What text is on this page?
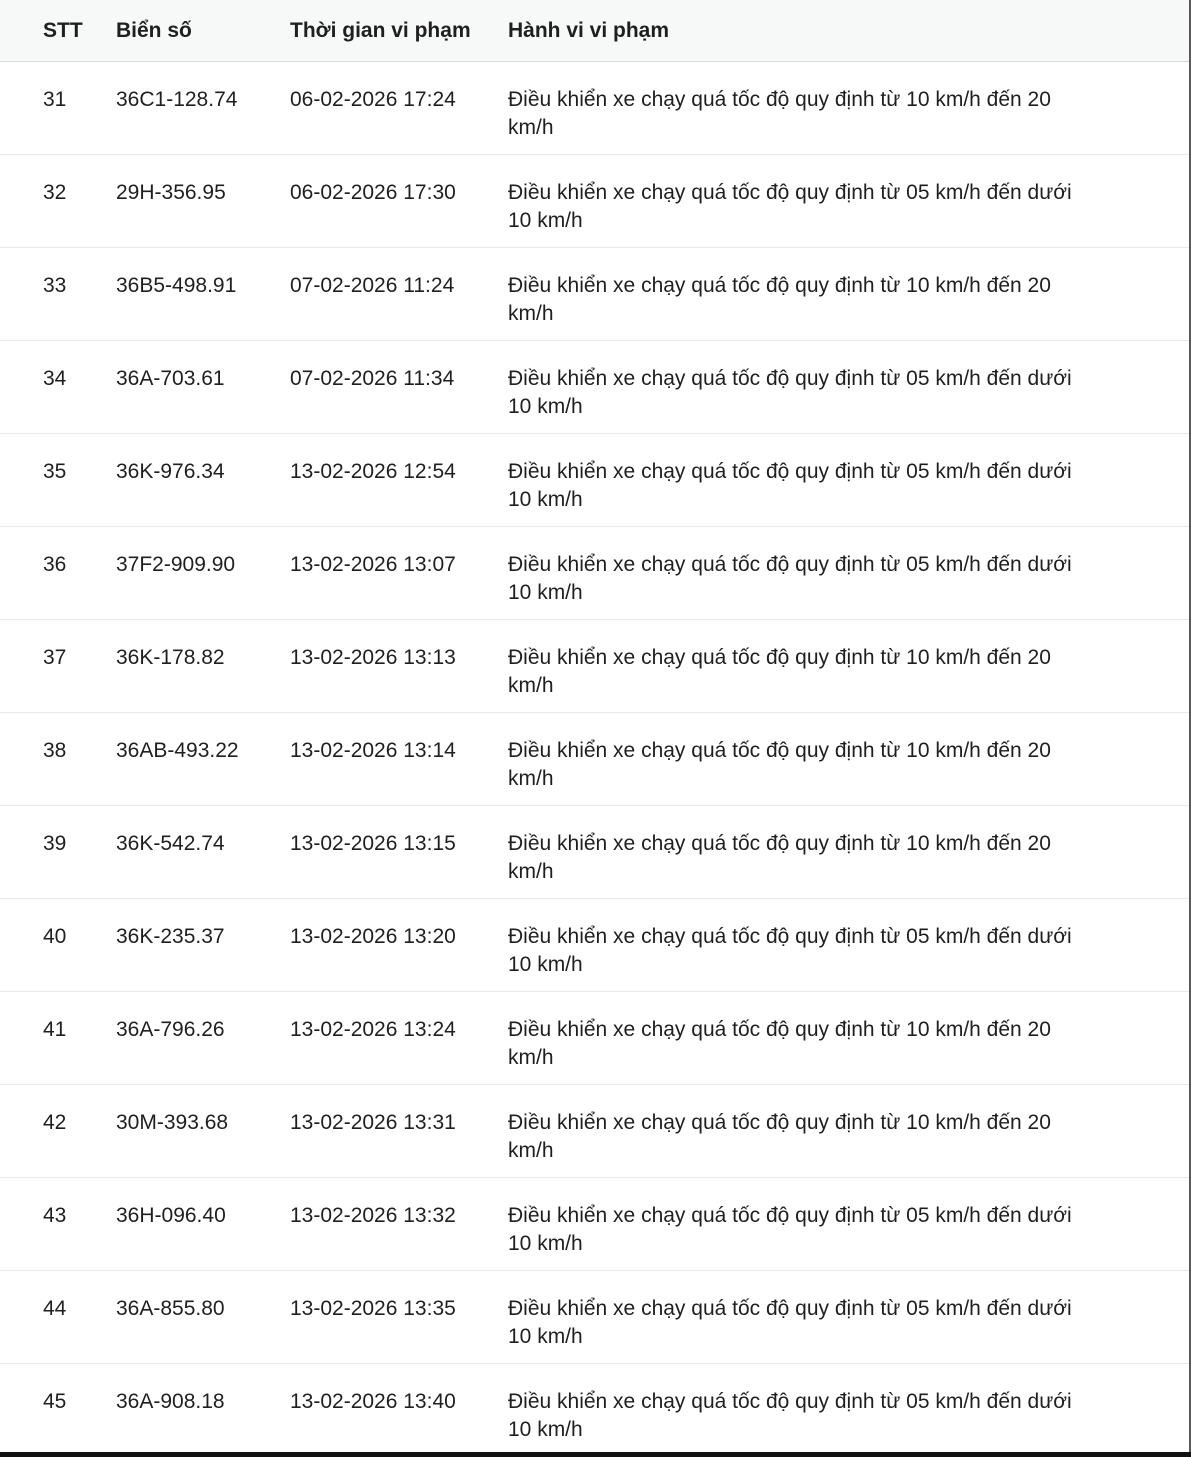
STT	Biển số	Thời gian vi phạm	Hành vi vi phạm
31	36C1-128.74	06-02-2026 17:24	Điều khiển xe chạy quá tốc độ quy định từ 10 km/h đến 20
km/h
32	29H-356.95	06-02-2026 17:30	Điều khiển xe chạy quá tốc độ quy định từ 05 km/h đến dưới
10 km/h
33	36B5-498.91	07-02-2026 11:24	Điều khiển xe chạy quá tốc độ quy định từ 10 km/h đến 20
km/h
34	36A-703.61	07-02-2026 11:34	Điều khiển xe chạy quá tốc độ quy định từ 05 km/h đến dưới
10 km/h
35	36K-976.34	13-02-2026 12:54	Điều khiển xe chạy quá tốc độ quy định từ 05 km/h đến dưới
10 km/h
36	37F2-909.90	13-02-2026 13:07	Điều khiển xe chạy quá tốc độ quy định từ 05 km/h đến dưới
10 km/h
37	36K-178.82	13-02-2026 13:13	Điều khiển xe chạy quá tốc độ quy định từ 10 km/h đến 20
km/h
38	36AB-493.22	13-02-2026 13:14	Điều khiển xe chạy quá tốc độ quy định từ 10 km/h đến 20
km/h
39	36K-542.74	13-02-2026 13:15	Điều khiển xe chạy quá tốc độ quy định từ 10 km/h đến 20
km/h
40	36K-235.37	13-02-2026 13:20	Điều khiển xe chạy quá tốc độ quy định từ 05 km/h đến dưới
10 km/h
41	36A-796.26	13-02-2026 13:24	Điều khiển xe chạy quá tốc độ quy định từ 10 km/h đến 20
km/h
42	30M-393.68	13-02-2026 13:31	Điều khiển xe chạy quá tốc độ quy định từ 10 km/h đến 20
km/h
43	36H-096.40	13-02-2026 13:32	Điều khiển xe chạy quá tốc độ quy định từ 05 km/h đến dưới
10 km/h
44	36A-855.80	13-02-2026 13:35	Điều khiển xe chạy quá tốc độ quy định từ 05 km/h đến dưới
10 km/h
45	36A-908.18	13-02-2026 13:40	Điều khiển xe chạy quá tốc độ quy định từ 05 km/h đến dưới
10 km/h
